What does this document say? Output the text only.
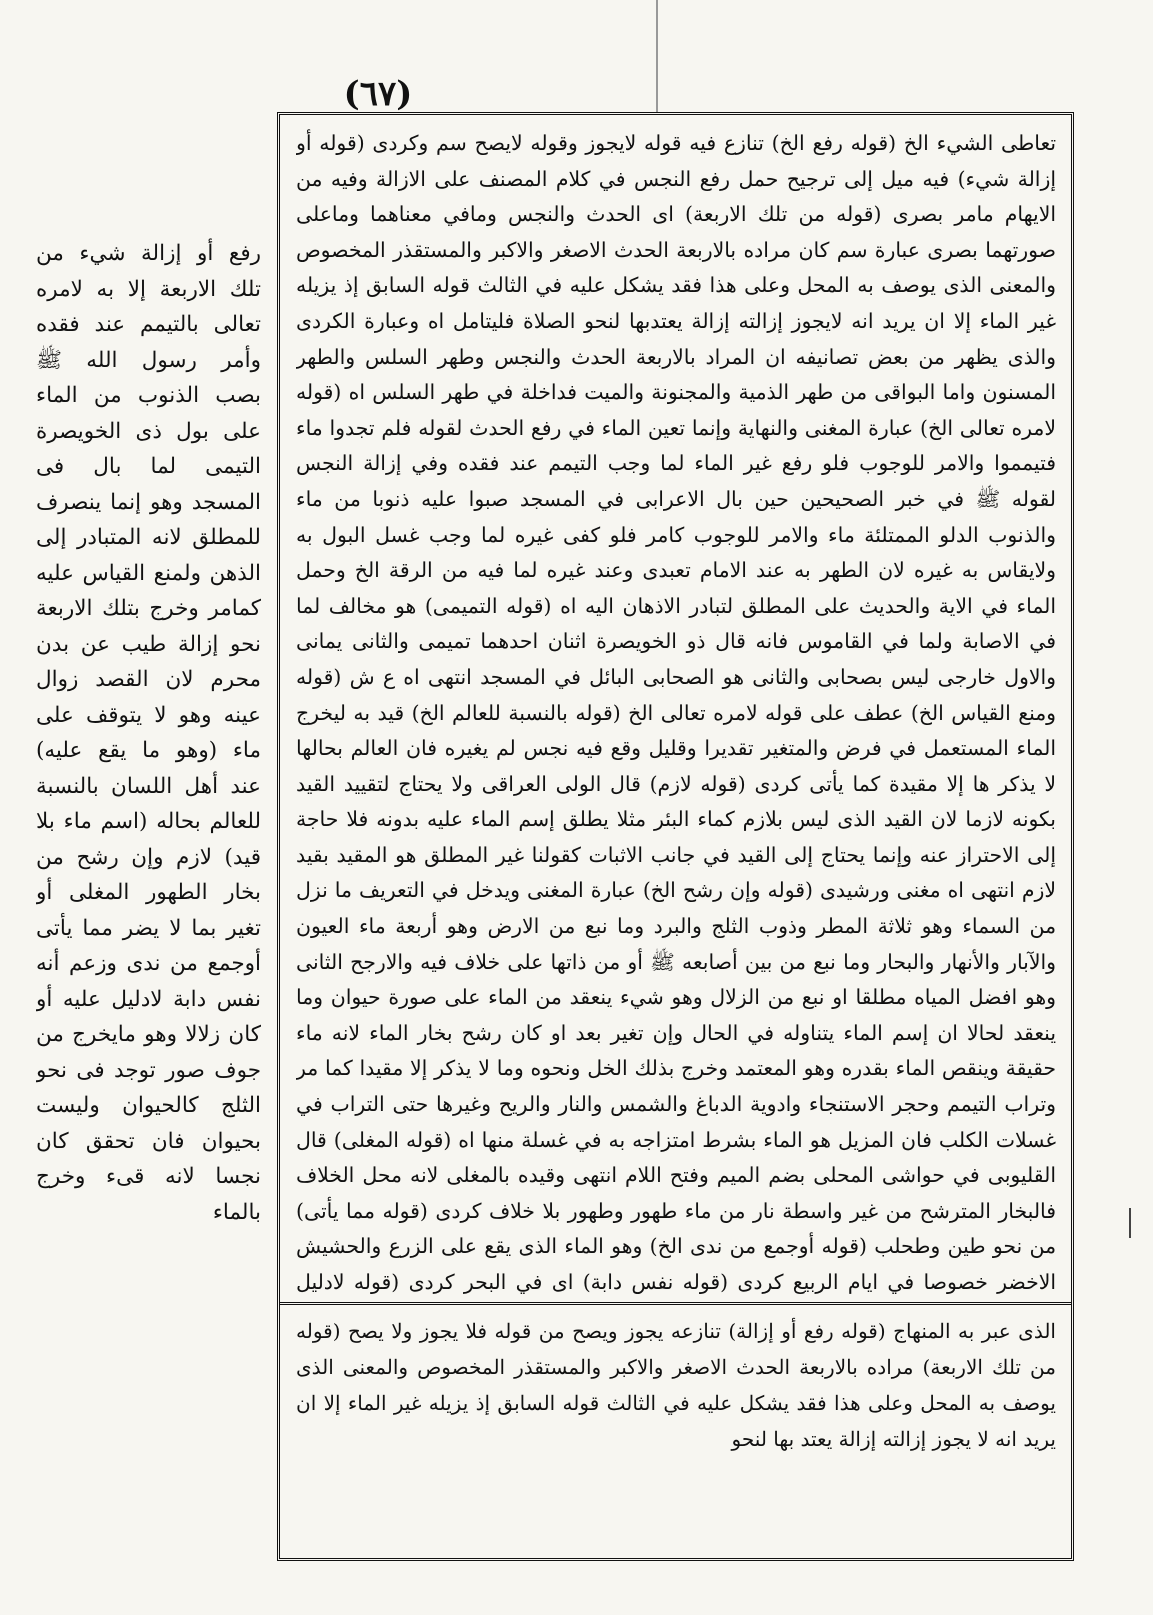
(٦٧)

تعاطى الشيء الخ (قوله رفع الخ) تنازع فيه قوله لايجوز وقوله لايصح سم وكردى (قوله أو إزالة شيء) فيه ميل إلى ترجيح حمل رفع النجس في كلام المصنف على الازالة وفيه من الايهام مامر بصرى (قوله من تلك الاربعة) اى الحدث والنجس ومافي معناهما وماعلى صورتهما بصرى عبارة سم كان مراده بالاربعة الحدث الاصغر والاكبر والمستقذر المخصوص والمعنى الذى يوصف به المحل وعلى هذا فقد يشكل عليه في الثالث قوله السابق إذ يزيله غير الماء إلا ان يريد انه لايجوز إزالته إزالة يعتدبها لنحو الصلاة فليتامل اه وعبارة الكردى والذى يظهر من بعض تصانيفه ان المراد بالاربعة الحدث والنجس وطهر السلس والطهر المسنون واما البواقى من طهر الذمية والمجنونة والميت فداخلة في طهر السلس اه (قوله لامره تعالى الخ) عبارة المغنى والنهاية وإنما تعين الماء في رفع الحدث لقوله فلم تجدوا ماء فتيمموا والامر للوجوب فلو رفع غير الماء لما وجب التيمم عند فقده وفي إزالة النجس لقوله ﷺ في خبر الصحيحين حين بال الاعرابى في المسجد صبوا عليه ذنوبا من ماء والذنوب الدلو الممتلئة ماء والامر للوجوب كامر فلو كفى غيره لما وجب غسل البول به ولايقاس به غيره لان الطهر به عند الامام تعبدى وعند غيره لما فيه من الرقة الخ وحمل الماء في الاية والحديث على المطلق لتبادر الاذهان اليه اه (قوله التميمى) هو مخالف لما في الاصابة ولما في القاموس فانه قال ذو الخويصرة اثنان احدهما تميمى والثانى يمانى والاول خارجى ليس بصحابى والثانى هو الصحابى البائل في المسجد انتهى اه ع ش (قوله ومنع القياس الخ) عطف على قوله لامره تعالى الخ (قوله بالنسبة للعالم الخ) قيد به ليخرج الماء المستعمل في فرض والمتغير تقديرا وقليل وقع فيه نجس لم يغيره فان العالم بحالها لا يذكر ها إلا مقيدة كما يأتى كردى (قوله لازم) قال الولى العراقى ولا يحتاج لتقييد القيد بكونه لازما لان القيد الذى ليس بلازم كماء البئر مثلا يطلق إسم الماء عليه بدونه فلا حاجة إلى الاحتراز عنه وإنما يحتاج إلى القيد في جانب الاثبات كقولنا غير المطلق هو المقيد بقيد لازم انتهى اه مغنى ورشيدى (قوله وإن رشح الخ) عبارة المغنى ويدخل في التعريف ما نزل من السماء وهو ثلاثة المطر وذوب الثلج والبرد وما نبع من الارض وهو أربعة ماء العيون والآبار والأنهار والبحار وما نبع من بين أصابعه ﷺ أو من ذاتها على خلاف فيه والارجح الثانى وهو افضل المياه مطلقا او نبع من الزلال وهو شيء ينعقد من الماء على صورة حيوان وما ينعقد لحالا ان إسم الماء يتناوله في الحال وإن تغير بعد او كان رشح بخار الماء لانه ماء حقيقة وينقص الماء بقدره وهو المعتمد وخرج بذلك الخل ونحوه وما لا يذكر إلا مقيدا كما مر وتراب التيمم وحجر الاستنجاء وادوية الدباغ والشمس والنار والريح وغيرها حتى التراب في غسلات الكلب فان المزيل هو الماء بشرط امتزاجه به في غسلة منها اه (قوله المغلى) قال القليوبى في حواشى المحلى بضم الميم وفتح اللام انتهى وقيده بالمغلى لانه محل الخلاف فالبخار المترشح من غير واسطة نار من ماء طهور وطهور بلا خلاف كردى (قوله مما يأتى) من نحو طين وطحلب (قوله أوجمع من ندى الخ) وهو الماء الذى يقع على الزرع والحشيش الاخضر خصوصا في ايام الربيع كردى (قوله نفس دابة) اى في البحر كردى (قوله لادليل

الذى عبر به المنهاج (قوله رفع أو إزالة) تنازعه يجوز ويصح من قوله فلا يجوز ولا يصح (قوله من تلك الاربعة) مراده بالاربعة الحدث الاصغر والاكبر والمستقذر المخصوص والمعنى الذى يوصف به المحل وعلى هذا فقد يشكل عليه في الثالث قوله السابق إذ يزيله غير الماء إلا ان يريد انه لا يجوز إزالته إزالة يعتد بها لنحو

رفع أو إزالة شيء من تلك الاربعة إلا به لامره تعالى بالتيمم عند فقده وأمر رسول الله ﷺ بصب الذنوب من الماء على بول ذى الخويصرة التيمى لما بال فى المسجد وهو إنما ينصرف للمطلق لانه المتبادر إلى الذهن ولمنع القياس عليه كمامر وخرج بتلك الاربعة نحو إزالة طيب عن بدن محرم لان القصد زوال عينه وهو لا يتوقف على ماء (وهو ما يقع عليه) عند أهل اللسان بالنسبة للعالم بحاله (اسم ماء بلا قيد) لازم وإن رشح من بخار الطهور المغلى أو تغير بما لا يضر مما يأتى أوجمع من ندى وزعم أنه نفس دابة لادليل عليه أو كان زلالا وهو مايخرج من جوف صور توجد فى نحو الثلج كالحيوان وليست بحيوان فان تحقق كان نجسا لانه قىء وخرج بالماء
